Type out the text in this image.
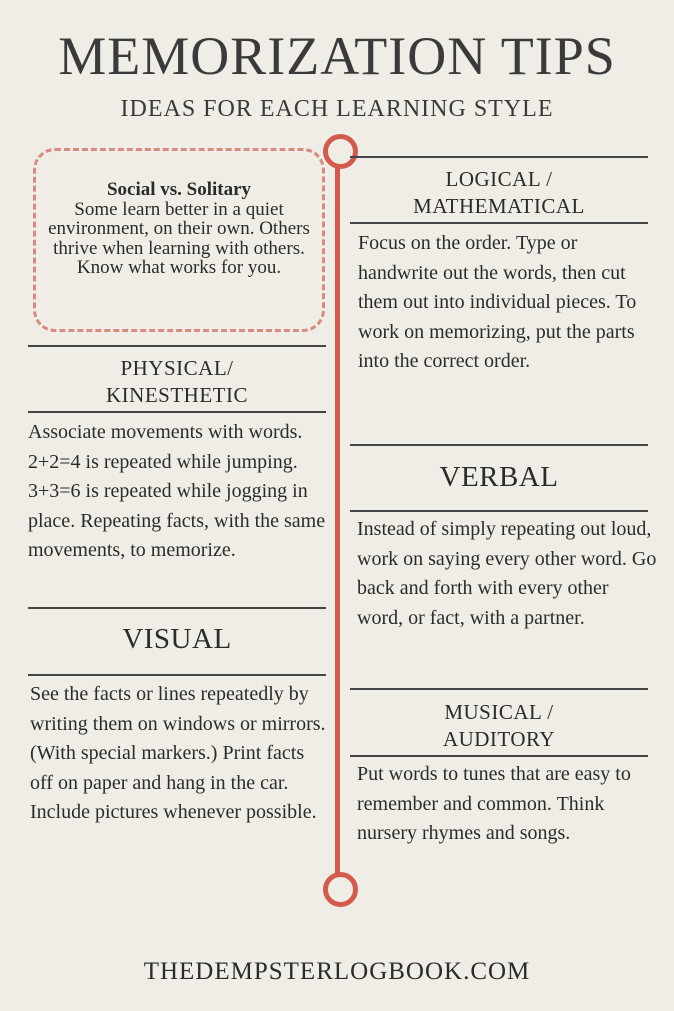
MEMORIZATION TIPS
IDEAS FOR EACH LEARNING STYLE
Social vs. Solitary
Some learn better in a quiet environment, on their own. Others thrive when learning with others. Know what works for you.
PHYSICAL/
KINESTHETIC
Associate movements with words. 2+2=4 is repeated while jumping. 3+3=6 is repeated while jogging in place. Repeating facts, with the same movements, to memorize.
VISUAL
See the facts or lines repeatedly by writing them on windows or mirrors. (With special markers.) Print facts off on paper and hang in the car. Include pictures whenever possible.
LOGICAL /
MATHEMATICAL
Focus on the order. Type or handwrite out the words, then cut them out into individual pieces. To work on memorizing, put the parts into the correct order.
VERBAL
Instead of simply repeating out loud, work on saying every other word. Go back and forth with every other word, or fact, with a partner.
MUSICAL /
AUDITORY
Put words to tunes that are easy to remember and common. Think nursery rhymes and songs.
THEDEMPSTERLOGBOOK.COM
